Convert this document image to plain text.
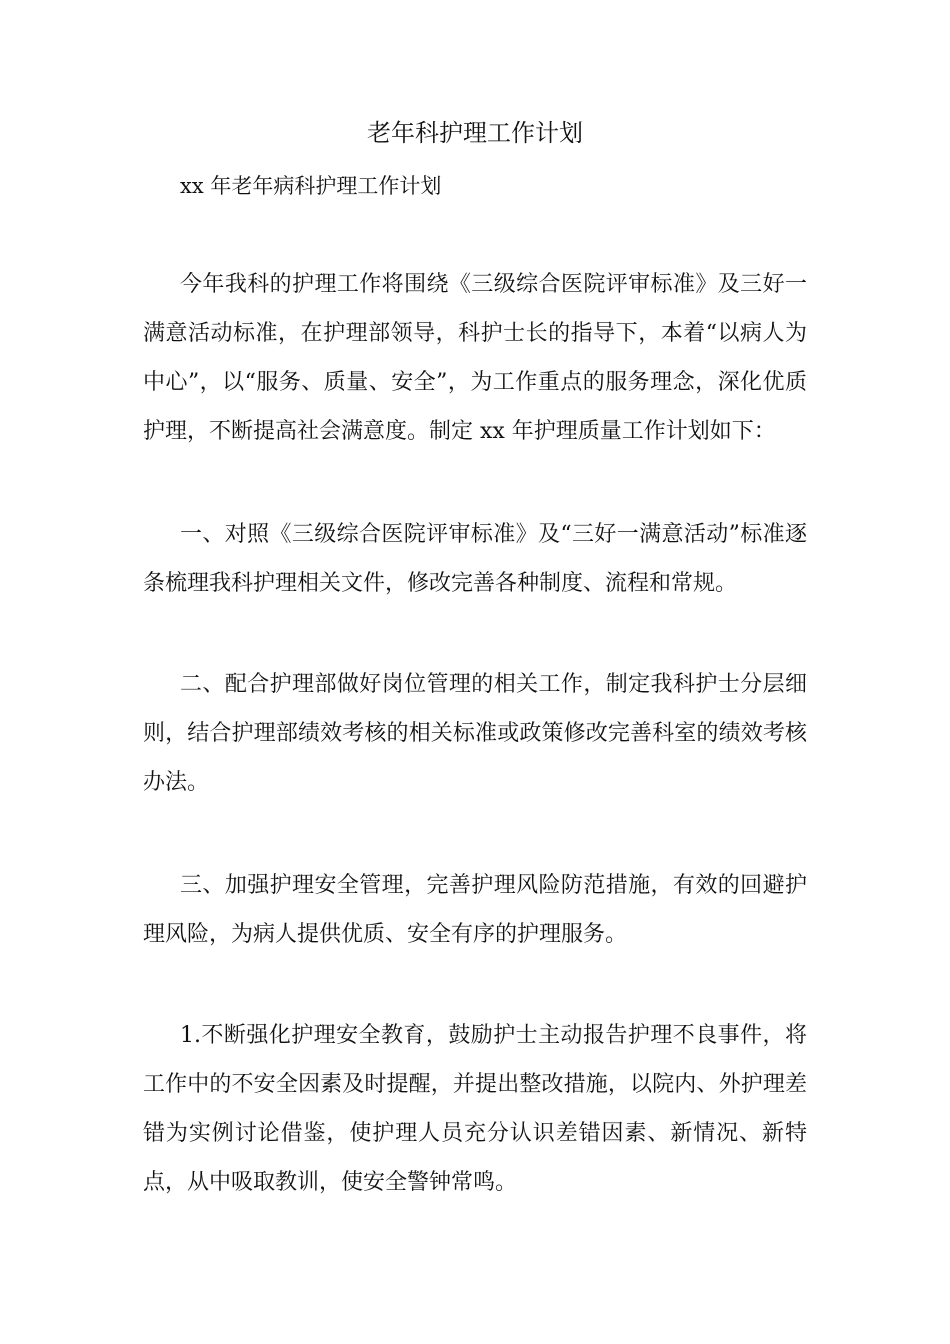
老年科护理工作计划

xx 年老年病科护理工作计划

今年我科的护理工作将围绕《三级综合医院评审标准》及三好一满意活动标准，在护理部领导，科护士长的指导下，本着“以病人为中心”，以“服务、质量、安全”，为工作重点的服务理念，深化优质护理，不断提高社会满意度。制定 xx 年护理质量工作计划如下：

一、对照《三级综合医院评审标准》及“三好一满意活动”标准逐条梳理我科护理相关文件，修改完善各种制度、流程和常规。

二、配合护理部做好岗位管理的相关工作，制定我科护士分层细则，结合护理部绩效考核的相关标准或政策修改完善科室的绩效考核办法。

三、加强护理安全管理，完善护理风险防范措施，有效的回避护理风险，为病人提供优质、安全有序的护理服务。

1.不断强化护理安全教育，鼓励护士主动报告护理不良事件，将工作中的不安全因素及时提醒，并提出整改措施，以院内、外护理差错为实例讨论借鉴，使护理人员充分认识差错因素、新情况、新特点，从中吸取教训，使安全警钟常鸣。
